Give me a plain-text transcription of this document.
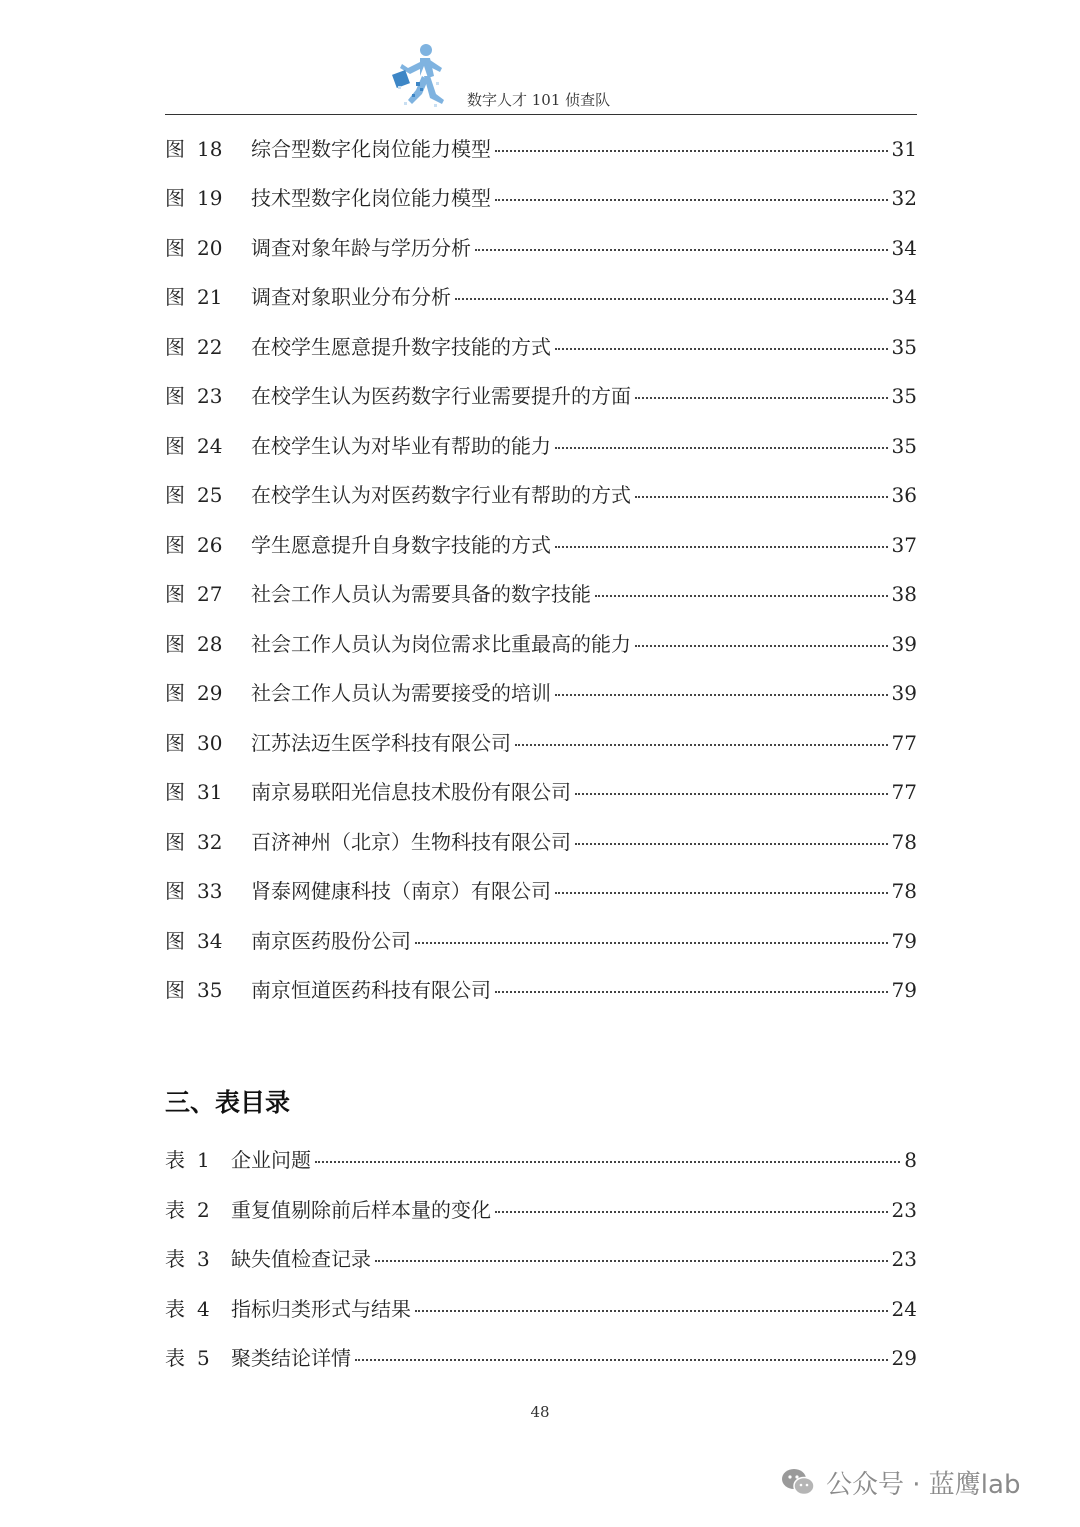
数字人才 101 侦查队
图 18	综合型数字化岗位能力模型	31
图 19	技术型数字化岗位能力模型	32
图 20	调查对象年龄与学历分析	34
图 21	调查对象职业分布分析	34
图 22	在校学生愿意提升数字技能的方式	35
图 23	在校学生认为医药数字行业需要提升的方面	35
图 24	在校学生认为对毕业有帮助的能力	35
图 25	在校学生认为对医药数字行业有帮助的方式	36
图 26	学生愿意提升自身数字技能的方式	37
图 27	社会工作人员认为需要具备的数字技能	38
图 28	社会工作人员认为岗位需求比重最高的能力	39
图 29	社会工作人员认为需要接受的培训	39
图 30	江苏法迈生医学科技有限公司	77
图 31	南京易联阳光信息技术股份有限公司	77
图 32	百济神州（北京）生物科技有限公司	78
图 33	肾泰网健康科技（南京）有限公司	78
图 34	南京医药股份公司	79
图 35	南京恒道医药科技有限公司	79
三、表目录
表 1	企业问题	8
表 2	重复值剔除前后样本量的变化	23
表 3	缺失值检查记录	23
表 4	指标归类形式与结果	24
表 5	聚类结论详情	29
48
公众号 · 蓝鹰lab
